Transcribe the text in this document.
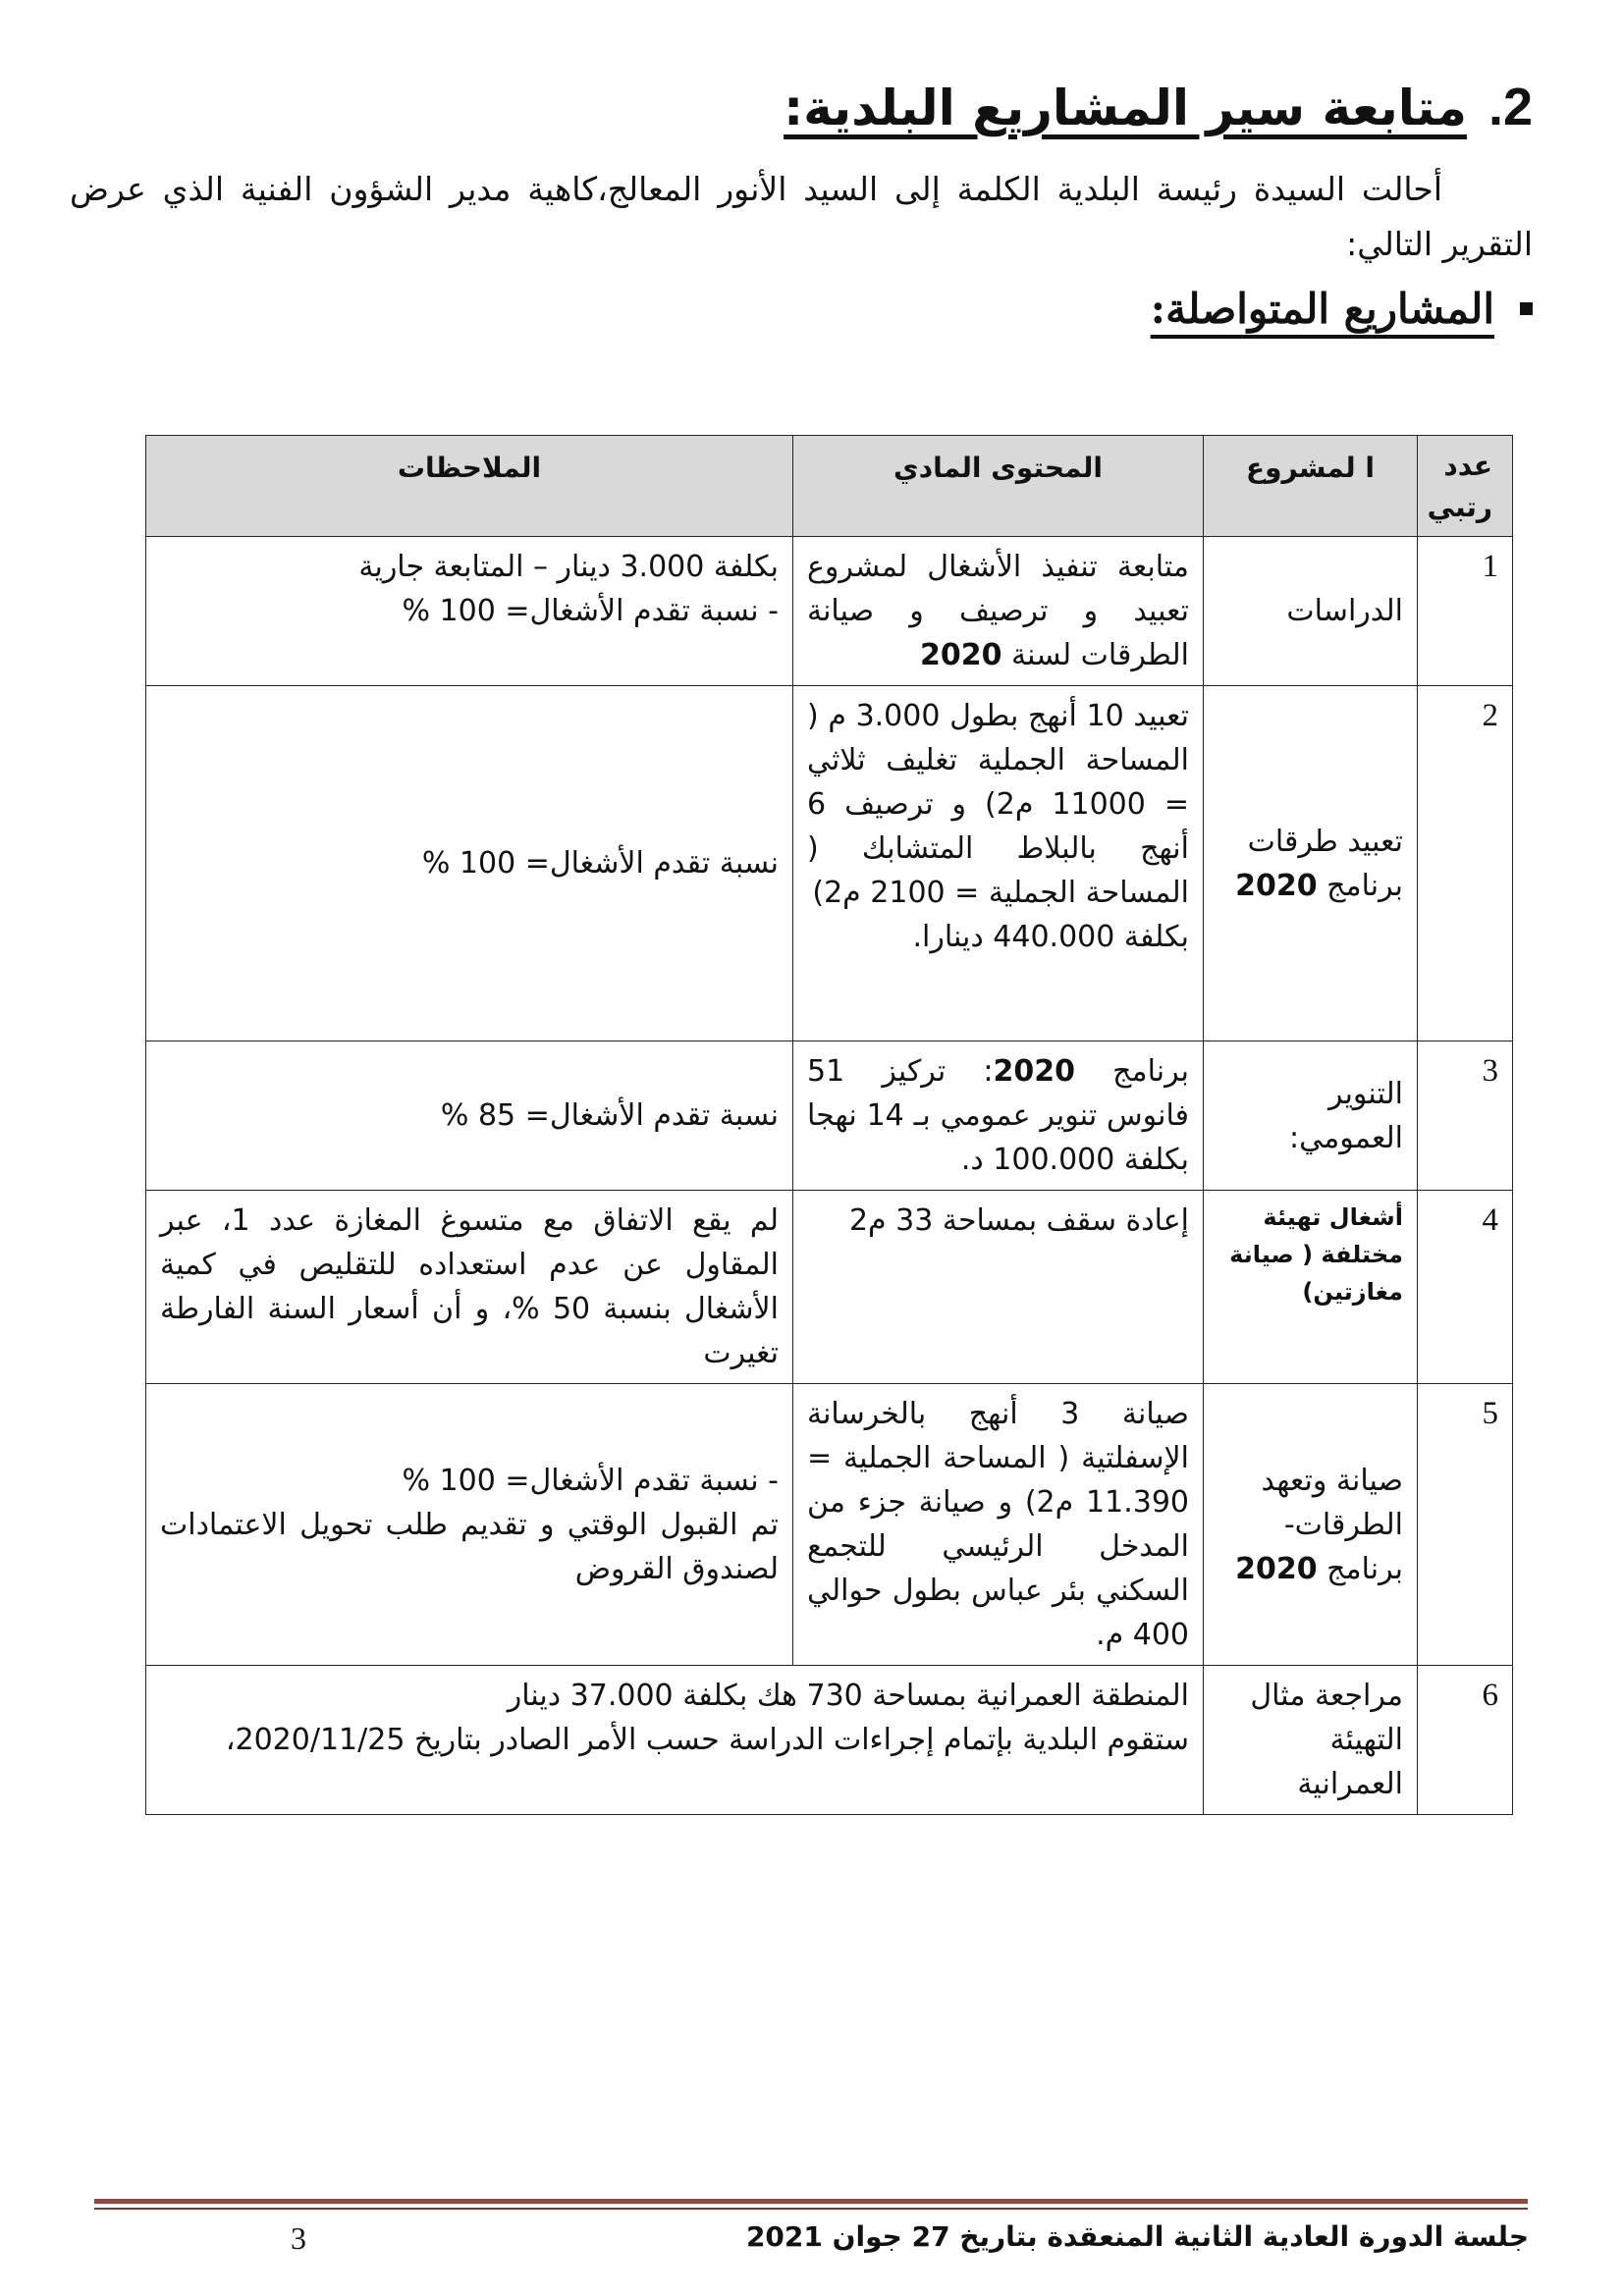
.2
متابعة سير المشاريع البلدية:
أحالت السيدة رئيسة البلدية الكلمة إلى السيد الأنور المعالج،كاهية مدير الشؤون الفنية الذي عرض التقرير التالي:
المشاريع المتواصلة:
عدد
رتبي	ا لمشروع	المحتوى المادي	الملاحظات
1	الدراسات	متابعة تنفيذ الأشغال لمشروع تعبيد و ترصيف و صيانة الطرقات لسنة 2020	بكلفة 3.000 دينار – المتابعة جارية
- نسبة تقدم الأشغال= 100 %

2	تعبيد طرقات برنامج 2020	تعبيد 10 أنهج بطول 3.000 م ( المساحة الجملية تغليف ثلاثي = 11000 م2) و ترصيف 6 أنهج بالبلاط المتشابك ( المساحة الجملية = 2100 م2)
بكلفة 440.000 دينارا.	نسبة تقدم الأشغال= 100 %
3	التنوير العمومي:	برنامج 2020: تركيز 51 فانوس تنوير عمومي بـ 14 نهجا بكلفة 100.000 د.	نسبة تقدم الأشغال= 85 %
4	أشغال تهيئة مختلفة ( صيانة مغازتين)	إعادة سقف بمساحة 33 م2	لم يقع الاتفاق مع متسوغ المغازة عدد 1، عبر المقاول عن عدم استعداده للتقليص في كمية الأشغال بنسبة 50 %، و أن أسعار السنة الفارطة تغيرت
5	صيانة وتعهد الطرقات- برنامج 2020	صيانة 3 أنهج بالخرسانة الإسفلتية ( المساحة الجملية = 11.390 م2) و صيانة جزء من المدخل الرئيسي للتجمع السكني بئر عباس بطول حوالي 400 م.	- نسبة تقدم الأشغال= 100 %
تم القبول الوقتي و تقديم طلب تحويل الاعتمادات لصندوق القروض

6	مراجعة مثال التهيئة العمرانية	المنطقة العمرانية بمساحة 730 هك بكلفة 37.000 دينار
ستقوم البلدية بإتمام إجراءات الدراسة حسب الأمر الصادر بتاريخ 2020/11/25،	
جلسة الدورة العادية الثانية المنعقدة بتاريخ 27 جوان 2021
3
